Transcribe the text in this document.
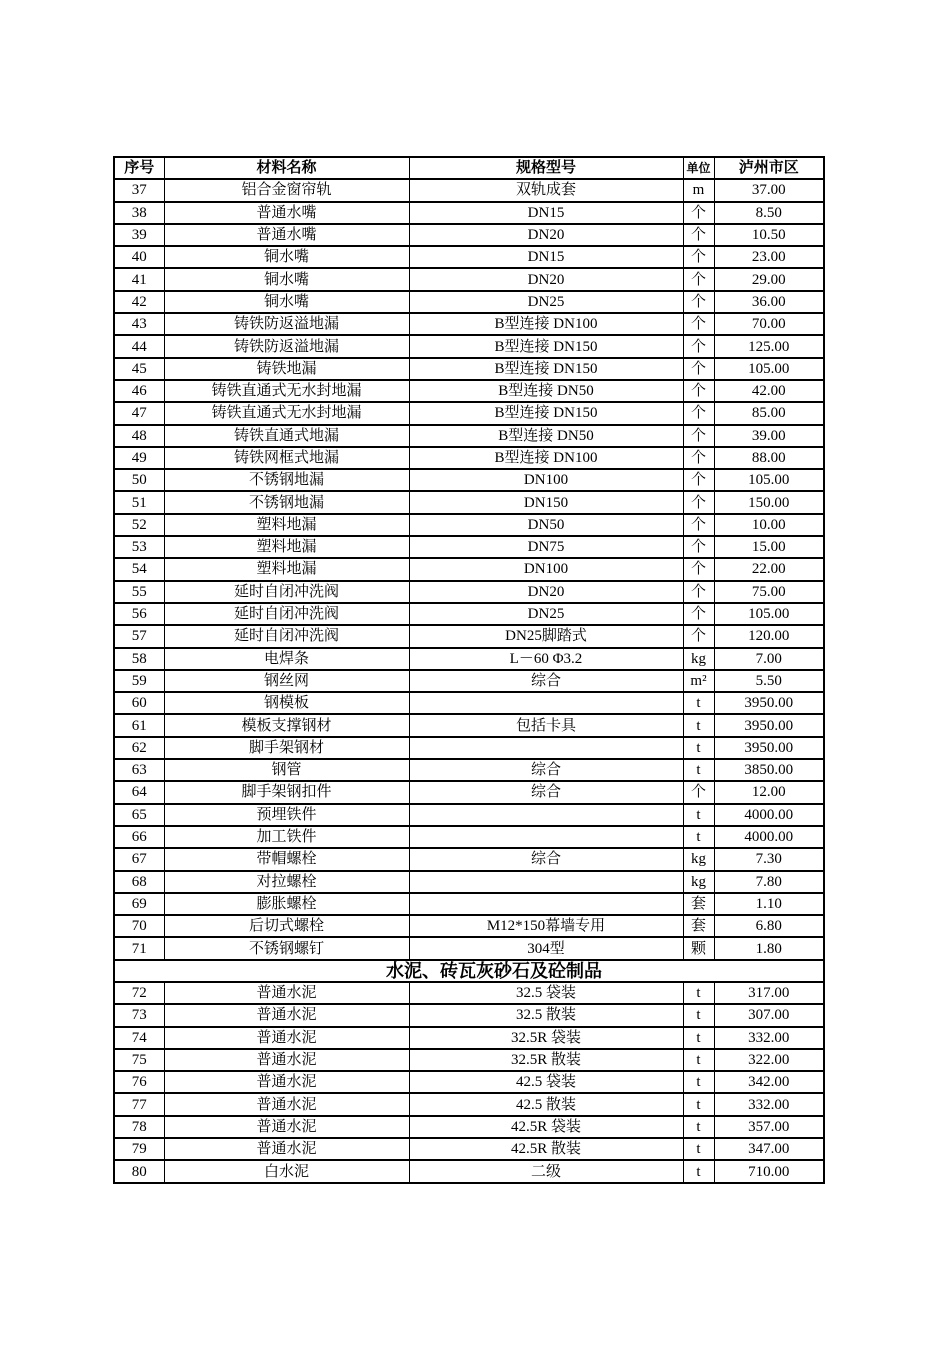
序号	材料名称	规格型号	单位	泸州市区
37	铝合金窗帘轨	双轨成套	m	37.00
38	普通水嘴	DN15	个	8.50
39	普通水嘴	DN20	个	10.50
40	铜水嘴	DN15	个	23.00
41	铜水嘴	DN20	个	29.00
42	铜水嘴	DN25	个	36.00
43	铸铁防返溢地漏	B型连接 DN100	个	70.00
44	铸铁防返溢地漏	B型连接 DN150	个	125.00
45	铸铁地漏	B型连接 DN150	个	105.00
46	铸铁直通式无水封地漏	B型连接 DN50	个	42.00
47	铸铁直通式无水封地漏	B型连接 DN150	个	85.00
48	铸铁直通式地漏	B型连接 DN50	个	39.00
49	铸铁网框式地漏	B型连接 DN100	个	88.00
50	不锈钢地漏	DN100	个	105.00
51	不锈钢地漏	DN150	个	150.00
52	塑料地漏	DN50	个	10.00
53	塑料地漏	DN75	个	15.00
54	塑料地漏	DN100	个	22.00
55	延时自闭冲洗阀	DN20	个	75.00
56	延时自闭冲洗阀	DN25	个	105.00
57	延时自闭冲洗阀	DN25脚踏式	个	120.00
58	电焊条	L－60 Φ3.2	kg	7.00
59	钢丝网	综合	m²	5.50
60	钢模板		t	3950.00
61	模板支撑钢材	包括卡具	t	3950.00
62	脚手架钢材		t	3950.00
63	钢管	综合	t	3850.00
64	脚手架钢扣件	综合	个	12.00
65	预埋铁件		t	4000.00
66	加工铁件		t	4000.00
67	带帽螺栓	综合	kg	7.30
68	对拉螺栓		kg	7.80
69	膨胀螺栓		套	1.10
70	后切式螺栓	M12*150幕墙专用	套	6.80
71	不锈钢螺钉	304型	颗	1.80
水泥、砖瓦灰砂石及砼制品				
72	普通水泥	32.5 袋装	t	317.00
73	普通水泥	32.5 散装	t	307.00
74	普通水泥	32.5R 袋装	t	332.00
75	普通水泥	32.5R 散装	t	322.00
76	普通水泥	42.5 袋装	t	342.00
77	普通水泥	42.5 散装	t	332.00
78	普通水泥	42.5R 袋装	t	357.00
79	普通水泥	42.5R 散装	t	347.00
80	白水泥	二级	t	710.00
